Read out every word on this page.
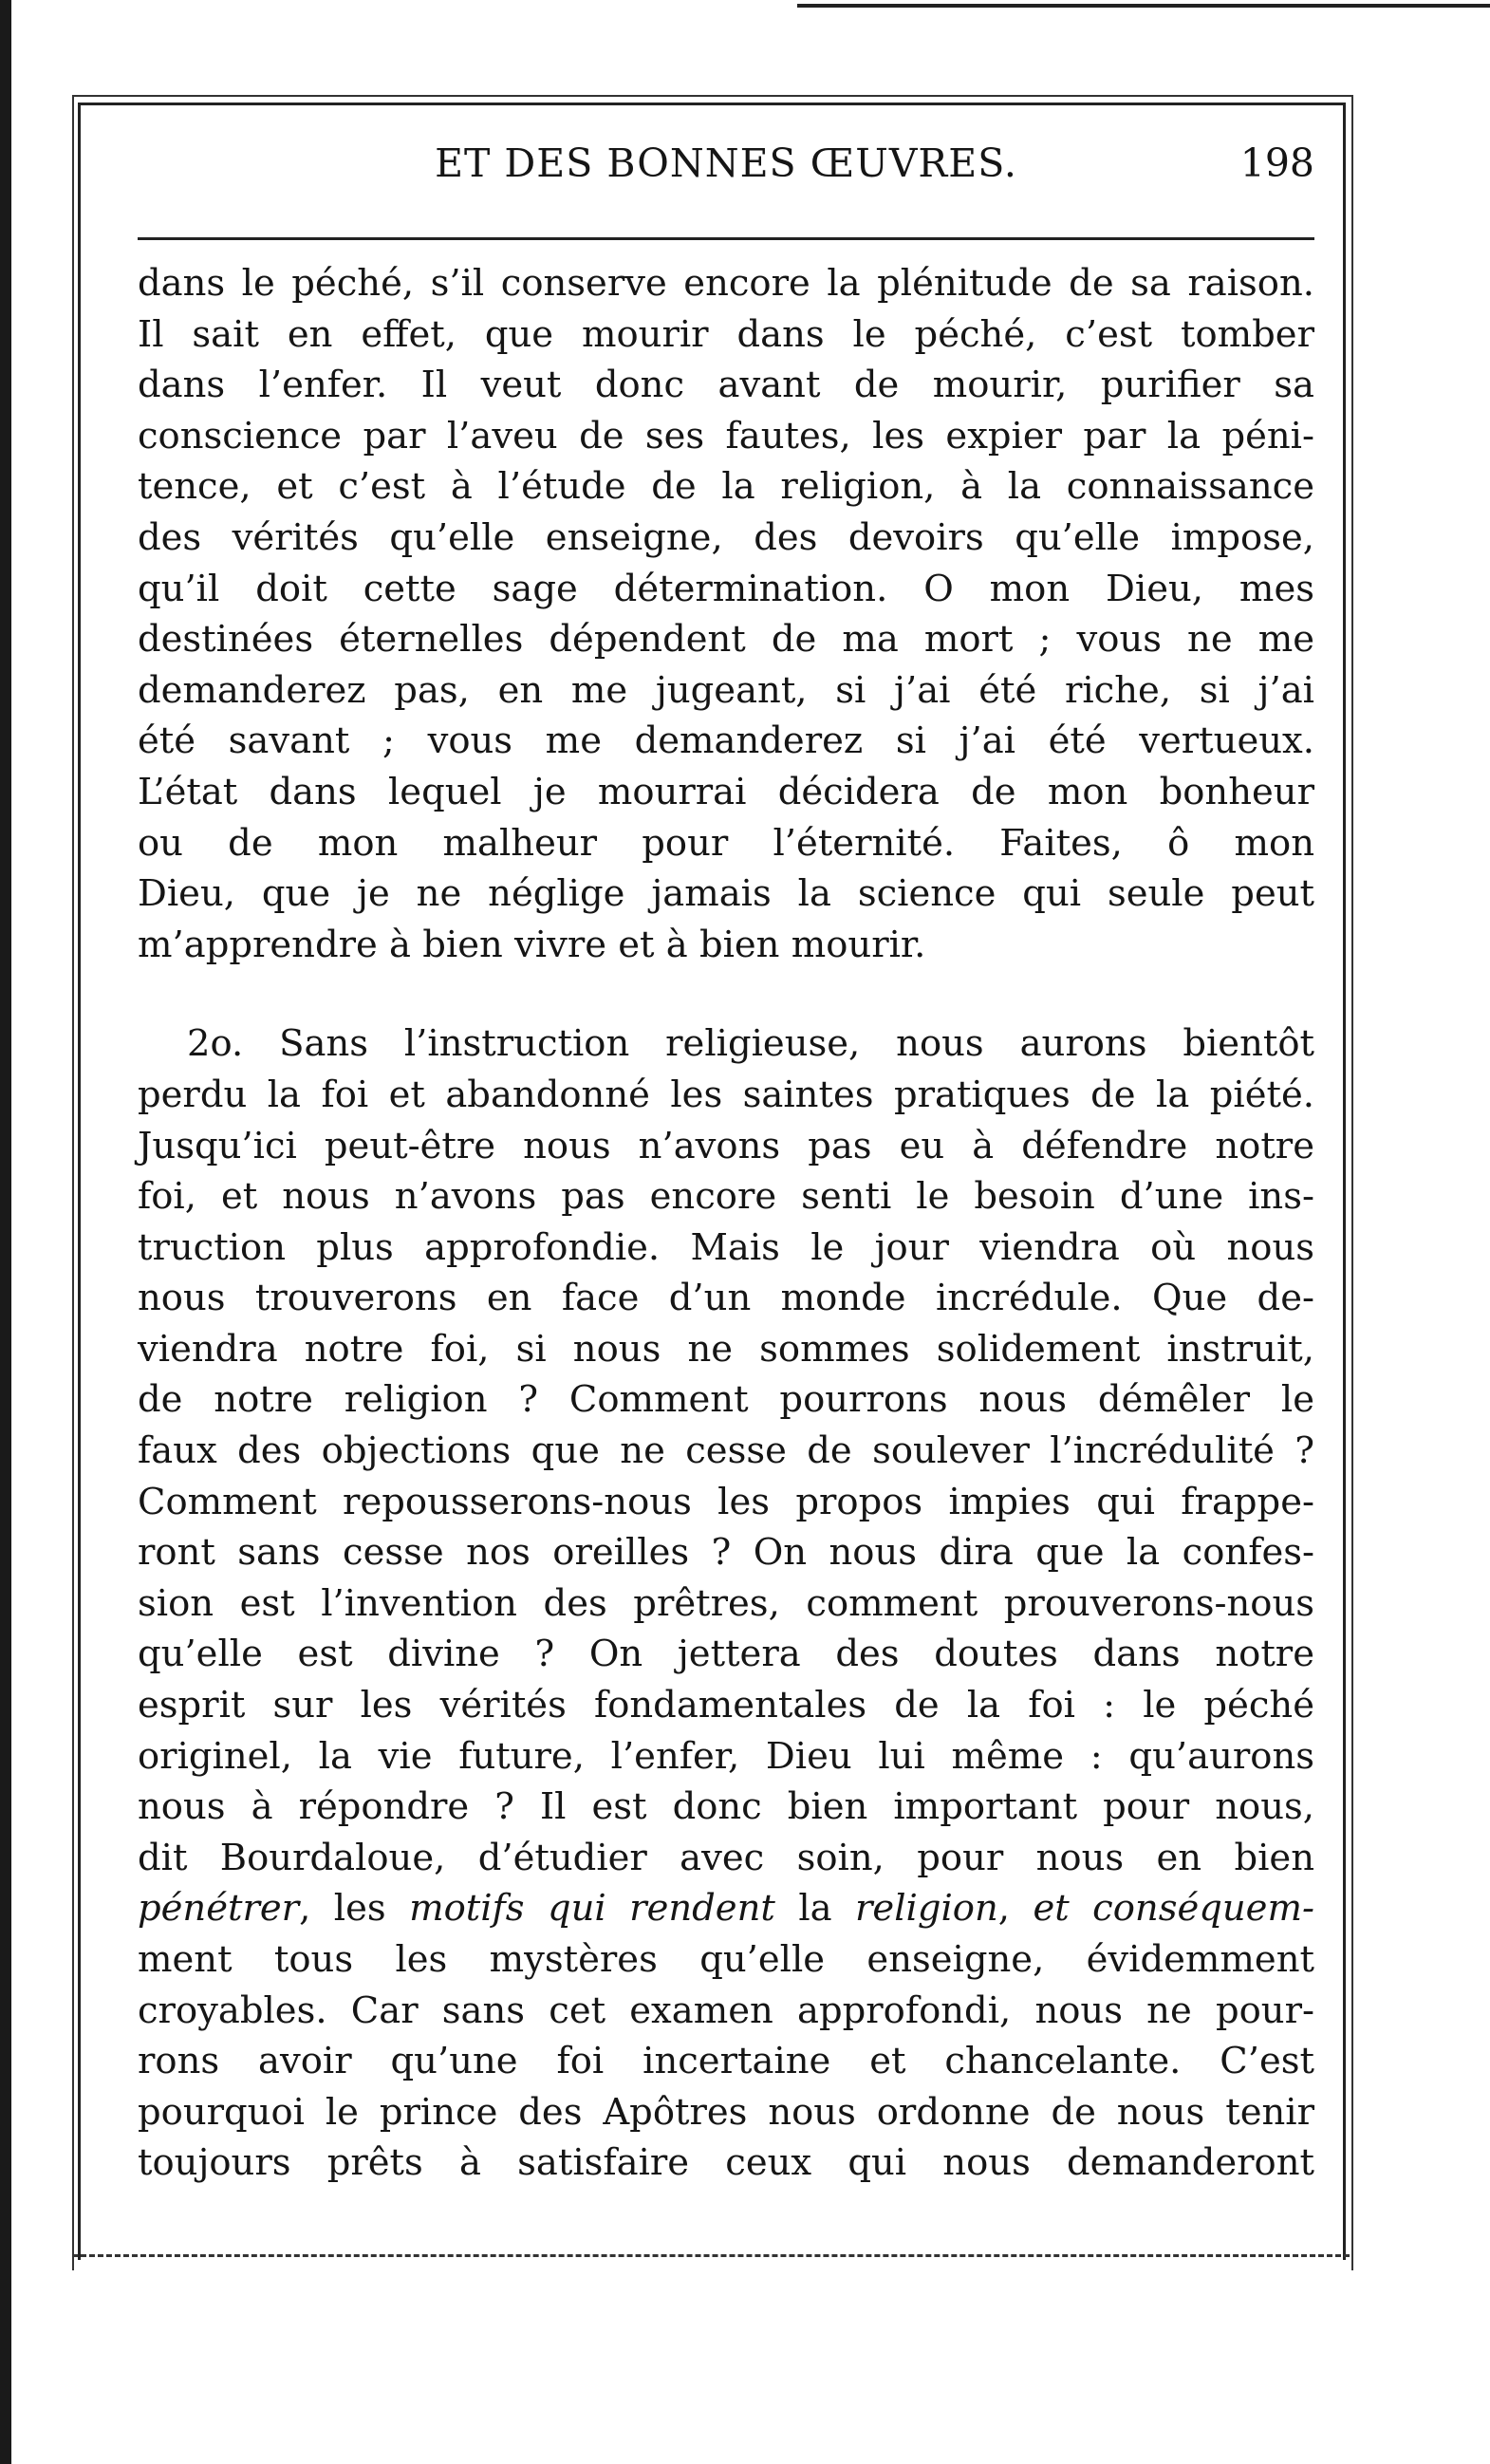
ET DES BONNES ŒUVRES.	198
dans le péché, s’il conserve encore la plénitude de sa raison.
Il sait en effet, que mourir dans le péché, c’est tomber
dans l’enfer. Il veut donc avant de mourir, purifier sa
conscience par l’aveu de ses fautes, les expier par la péni-
tence, et c’est à l’étude de la religion, à la connaissance
des vérités qu’elle enseigne, des devoirs qu’elle impose,
qu’il doit cette sage détermination. O mon Dieu, mes
destinées éternelles dépendent de ma mort ; vous ne me
demanderez pas, en me jugeant, si j’ai été riche, si j’ai
été savant ; vous me demanderez si j’ai été vertueux.
L’état dans lequel je mourrai décidera de mon bonheur
ou de mon malheur pour l’éternité. Faites, ô mon
Dieu, que je ne néglige jamais la science qui seule peut
m’apprendre à bien vivre et à bien mourir.
2o. Sans l’instruction religieuse, nous aurons bientôt
perdu la foi et abandonné les saintes pratiques de la piété.
Jusqu’ici peut-être nous n’avons pas eu à défendre notre
foi, et nous n’avons pas encore senti le besoin d’une ins-
truction plus approfondie. Mais le jour viendra où nous
nous trouverons en face d’un monde incrédule. Que de-
viendra notre foi, si nous ne sommes solidement instruit,
de notre religion ? Comment pourrons nous démêler le
faux des objections que ne cesse de soulever l’incrédulité ?
Comment repousserons-nous les propos impies qui frappe-
ront sans cesse nos oreilles ? On nous dira que la confes-
sion est l’invention des prêtres, comment prouverons-nous
qu’elle est divine ? On jettera des doutes dans notre
esprit sur les vérités fondamentales de la foi : le péché
originel, la vie future, l’enfer, Dieu lui même : qu’aurons
nous à répondre ? Il est donc bien important pour nous,
dit Bourdaloue, d’étudier avec soin, pour nous en bien
pénétrer, les motifs qui rendent la religion, et conséquem-
ment tous les mystères qu’elle enseigne, évidemment
croyables. Car sans cet examen approfondi, nous ne pour-
rons avoir qu’une foi incertaine et chancelante. C’est
pourquoi le prince des Apôtres nous ordonne de nous tenir
toujours prêts à satisfaire ceux qui nous demanderont
